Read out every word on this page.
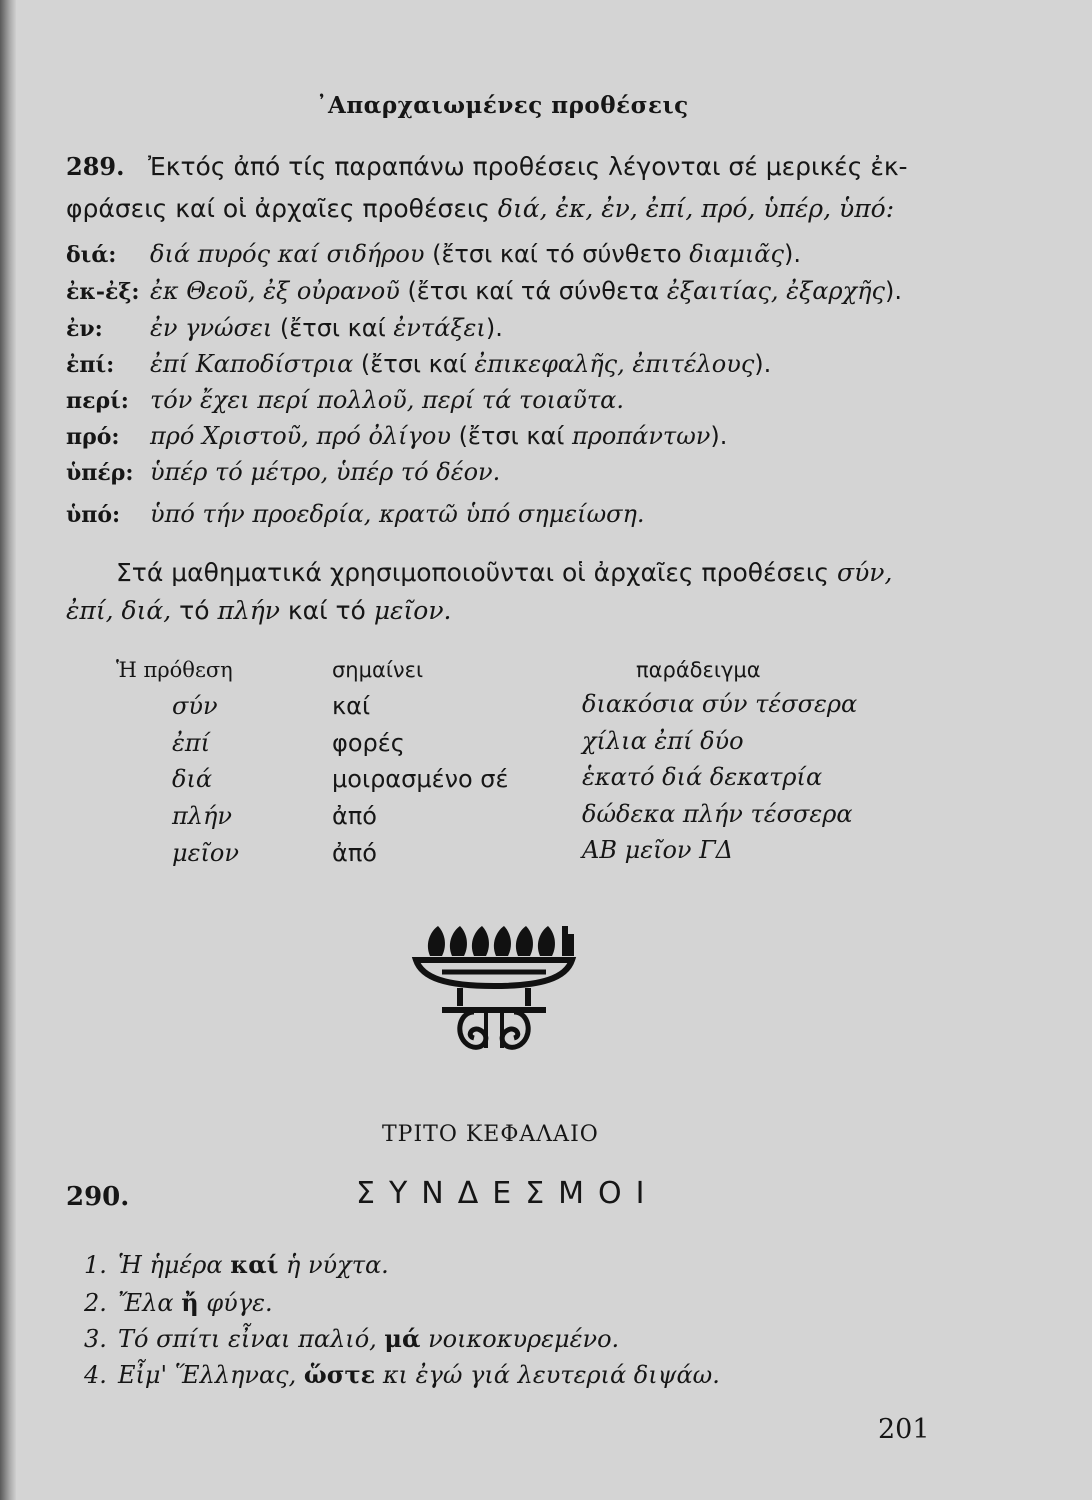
᾿Απαρχαιωμένες προθέσεις
289. Ἐκτός ἀπό τίς παραπάνω προθέσεις λέγονται σέ μερικές ἐκ-
φράσεις καί οἱ ἀρχαῖες προθέσεις διά, ἐκ, ἐν, ἐπί, πρό, ὑπέρ, ὑπό:
διά: διά πυρός καί σιδήρου (ἔτσι καί τό σύνθετο διαμιᾶς).
ἐκ-ἐξ: ἐκ Θεοῦ, ἐξ οὐρανοῦ (ἔτσι καί τά σύνθετα ἐξαιτίας, ἐξαρχῆς).
ἐν: ἐν γνώσει (ἔτσι καί ἐντάξει).
ἐπί: ἐπί Καποδίστρια (ἔτσι καί ἐπικεφαλῆς, ἐπιτέλους).
περί: τόν ἔχει περί πολλοῦ, περί τά τοιαῦτα.
πρό: πρό Χριστοῦ, πρό ὀλίγου (ἔτσι καί προπάντων).
ὑπέρ: ὑπέρ τό μέτρο, ὑπέρ τό δέον.
ὑπό: ὑπό τήν προεδρία, κρατῶ ὑπό σημείωση.
Στά μαθηματικά χρησιμοποιοῦνται οἱ ἀρχαῖες προθέσεις σύν,
ἐπί, διά, τό πλήν καί τό μεῖον.
Ἡ πρόθεση	σημαίνει	παράδειγμα
σύν	καί	διακόσια σύν τέσσερα
ἐπί	φορές	χίλια ἐπί δύο
διά	μοιρασμένο σέ	ἑκατό διά δεκατρία
πλήν	ἀπό	δώδεκα πλήν τέσσερα
μεῖον	ἀπό	ΑΒ μεῖον ΓΔ
ΤΡΙΤΟ ΚΕΦΑΛΑΙΟ
290.	ΣΥΝΔΕΣΜΟΙ
1. Ἡ ἡμέρα καί ἡ νύχτα.
2. Ἔλα ἤ φύγε.
3. Τό σπίτι εἶναι παλιό, μά νοικοκυρεμένο.
4. Εἶμ' Ἕλληνας, ὥστε κι ἐγώ γιά λευτεριά διψάω.
201
